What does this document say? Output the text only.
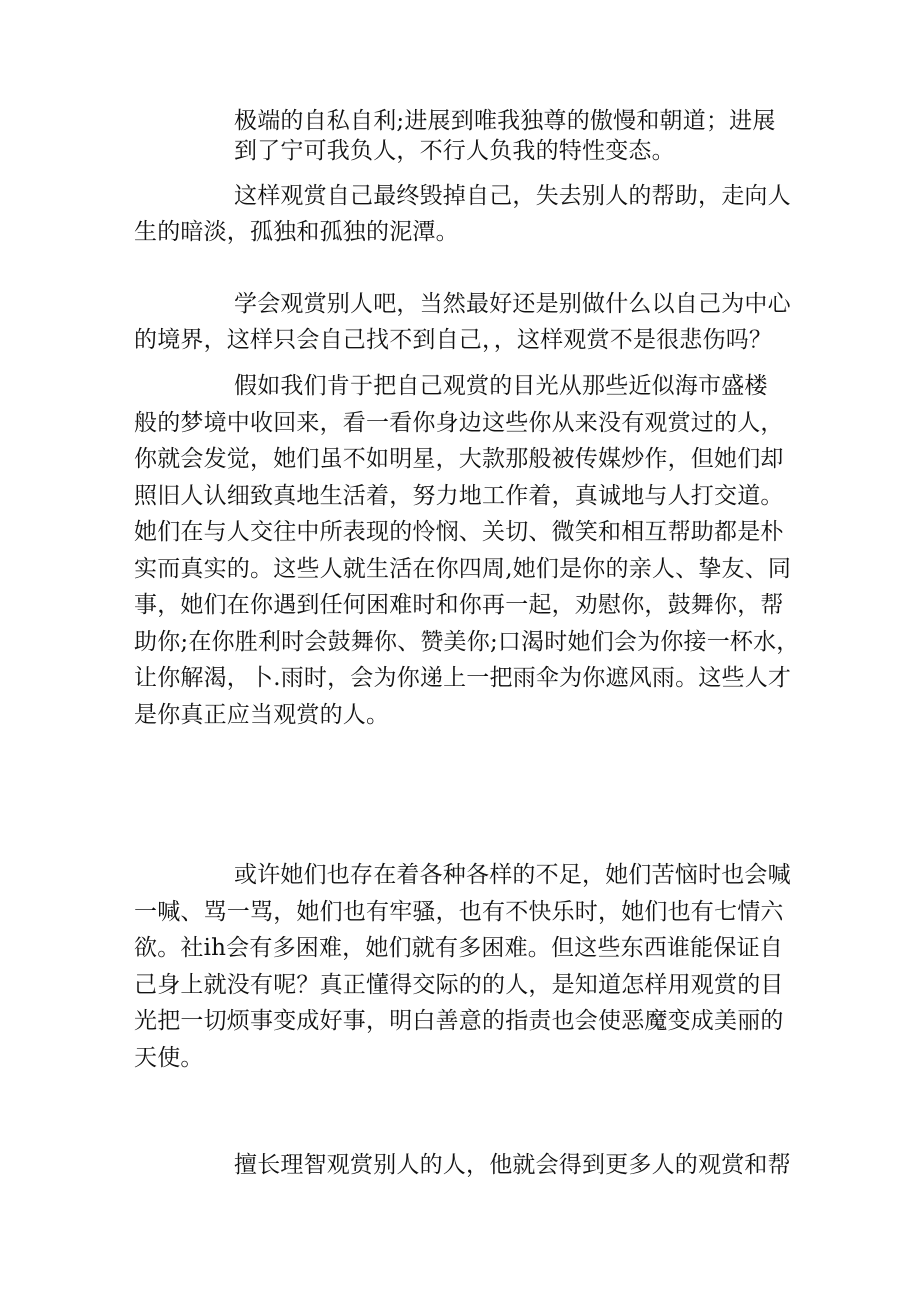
极端的自私自利;进展到唯我独尊的傲慢和朝道；进展
到了宁可我负人，不行人负我的特性变态。
这样观赏自己最终毁掉自己，失去别人的帮助，走向人
生的暗淡，孤独和孤独的泥潭。
学会观赏别人吧，当然最好还是别做什么以自己为中心
的境界，这样只会自己找不到自己，，这样观赏不是很悲伤吗？
假如我们肯于把自己观赏的目光从那些近似海市盛楼
般的梦境中收回来，看一看你身边这些你从来没有观赏过的人，
你就会发觉，她们虽不如明星，大款那般被传媒炒作，但她们却
照旧人认细致真地生活着，努力地工作着，真诚地与人打交道。
她们在与人交往中所表现的怜悯、关切、微笑和相互帮助都是朴
实而真实的。这些人就生活在你四周,她们是你的亲人、挚友、同
事，她们在你遇到任何困难时和你再一起，劝慰你，鼓舞你，帮
助你;在你胜利时会鼓舞你、赞美你;口渴时她们会为你接一杯水，
让你解渴，卜.雨时，会为你递上一把雨伞为你遮风雨。这些人才
是你真正应当观赏的人。
或许她们也存在着各种各样的不足，她们苦恼时也会喊
一喊、骂一骂，她们也有牢骚，也有不快乐时，她们也有七情六
欲。社ih会有多困难，她们就有多困难。但这些东西谁能保证自
己身上就没有呢？真正懂得交际的的人，是知道怎样用观赏的目
光把一切烦事变成好事，明白善意的指责也会使恶魔变成美丽的
天使。
擅长理智观赏别人的人，他就会得到更多人的观赏和帮
